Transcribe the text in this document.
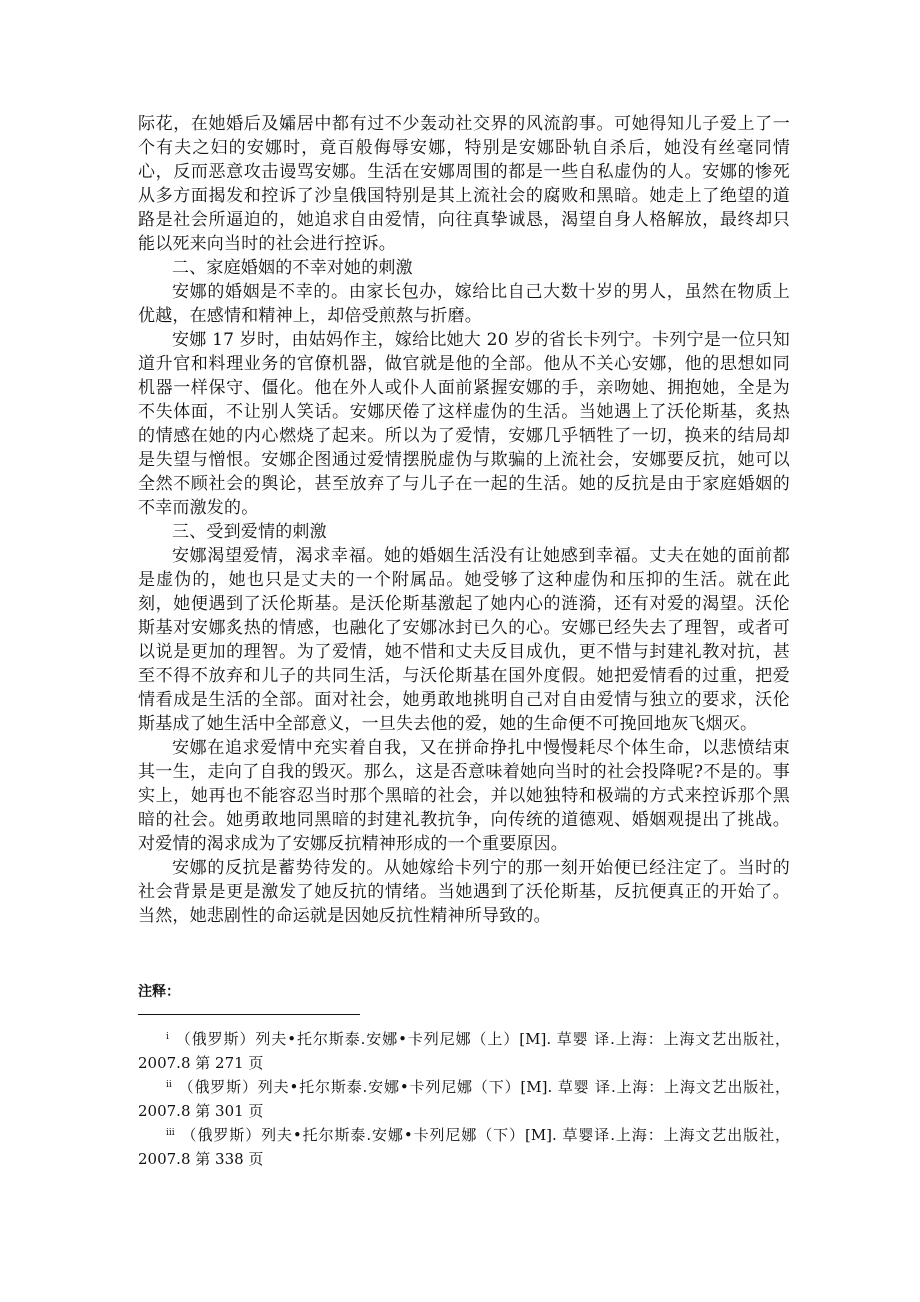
际花，在她婚后及孀居中都有过不少轰动社交界的风流韵事。可她得知儿子爱上了一个有夫之妇的安娜时，竟百般侮辱安娜，特别是安娜卧轨自杀后，她没有丝毫同情心，反而恶意攻击谩骂安娜。生活在安娜周围的都是一些自私虚伪的人。安娜的惨死从多方面揭发和控诉了沙皇俄国特别是其上流社会的腐败和黑暗。她走上了绝望的道路是社会所逼迫的，她追求自由爱情，向往真挚诚恳，渴望自身人格解放，最终却只能以死来向当时的社会进行控诉。

二、家庭婚姻的不幸对她的刺激

安娜的婚姻是不幸的。由家长包办，嫁给比自己大数十岁的男人，虽然在物质上优越，在感情和精神上，却倍受煎熬与折磨。

安娜 17 岁时，由姑妈作主，嫁给比她大 20 岁的省长卡列宁。卡列宁是一位只知道升官和料理业务的官僚机器，做官就是他的全部。他从不关心安娜，他的思想如同机器一样保守、僵化。他在外人或仆人面前紧握安娜的手，亲吻她、拥抱她，全是为不失体面，不让别人笑话。安娜厌倦了这样虚伪的生活。当她遇上了沃伦斯基，炙热的情感在她的内心燃烧了起来。所以为了爱情，安娜几乎牺牲了一切，换来的结局却是失望与憎恨。安娜企图通过爱情摆脱虚伪与欺骗的上流社会，安娜要反抗，她可以全然不顾社会的舆论，甚至放弃了与儿子在一起的生活。她的反抗是由于家庭婚姻的不幸而激发的。

三、受到爱情的刺激

安娜渴望爱情，渴求幸福。她的婚姻生活没有让她感到幸福。丈夫在她的面前都是虚伪的，她也只是丈夫的一个附属品。她受够了这种虚伪和压抑的生活。就在此刻，她便遇到了沃伦斯基。是沃伦斯基激起了她内心的涟漪，还有对爱的渴望。沃伦斯基对安娜炙热的情感，也融化了安娜冰封已久的心。安娜已经失去了理智，或者可以说是更加的理智。为了爱情，她不惜和丈夫反目成仇，更不惜与封建礼教对抗，甚至不得不放弃和儿子的共同生活，与沃伦斯基在国外度假。她把爱情看的过重，把爱情看成是生活的全部。面对社会，她勇敢地挑明自己对自由爱情与独立的要求，沃伦斯基成了她生活中全部意义，一旦失去他的爱，她的生命便不可挽回地灰飞烟灭。

安娜在追求爱情中充实着自我，又在拼命挣扎中慢慢耗尽个体生命，以悲愤结束其一生，走向了自我的毁灭。那么，这是否意味着她向当时的社会投降呢?不是的。事实上，她再也不能容忍当时那个黑暗的社会，并以她独特和极端的方式来控诉那个黑暗的社会。她勇敢地同黑暗的封建礼教抗争，向传统的道德观、婚姻观提出了挑战。对爱情的渴求成为了安娜反抗精神形成的一个重要原因。

安娜的反抗是蓄势待发的。从她嫁给卡列宁的那一刻开始便已经注定了。当时的社会背景是更是激发了她反抗的情绪。当她遇到了沃伦斯基，反抗便真正的开始了。当然，她悲剧性的命运就是因她反抗性精神所导致的。

注释：

$^i$ （俄罗斯）列夫•托尔斯泰.安娜•卡列尼娜（上）[M]. 草婴 译.上海：上海文艺出版社，2007.8 第 271 页

$^{ii}$ （俄罗斯）列夫•托尔斯泰.安娜•卡列尼娜（下）[M]. 草婴 译.上海：上海文艺出版社，2007.8 第 301 页

$^{iii}$ （俄罗斯）列夫•托尔斯泰.安娜•卡列尼娜（下）[M]. 草婴译.上海：上海文艺出版社，2007.8 第 338 页
